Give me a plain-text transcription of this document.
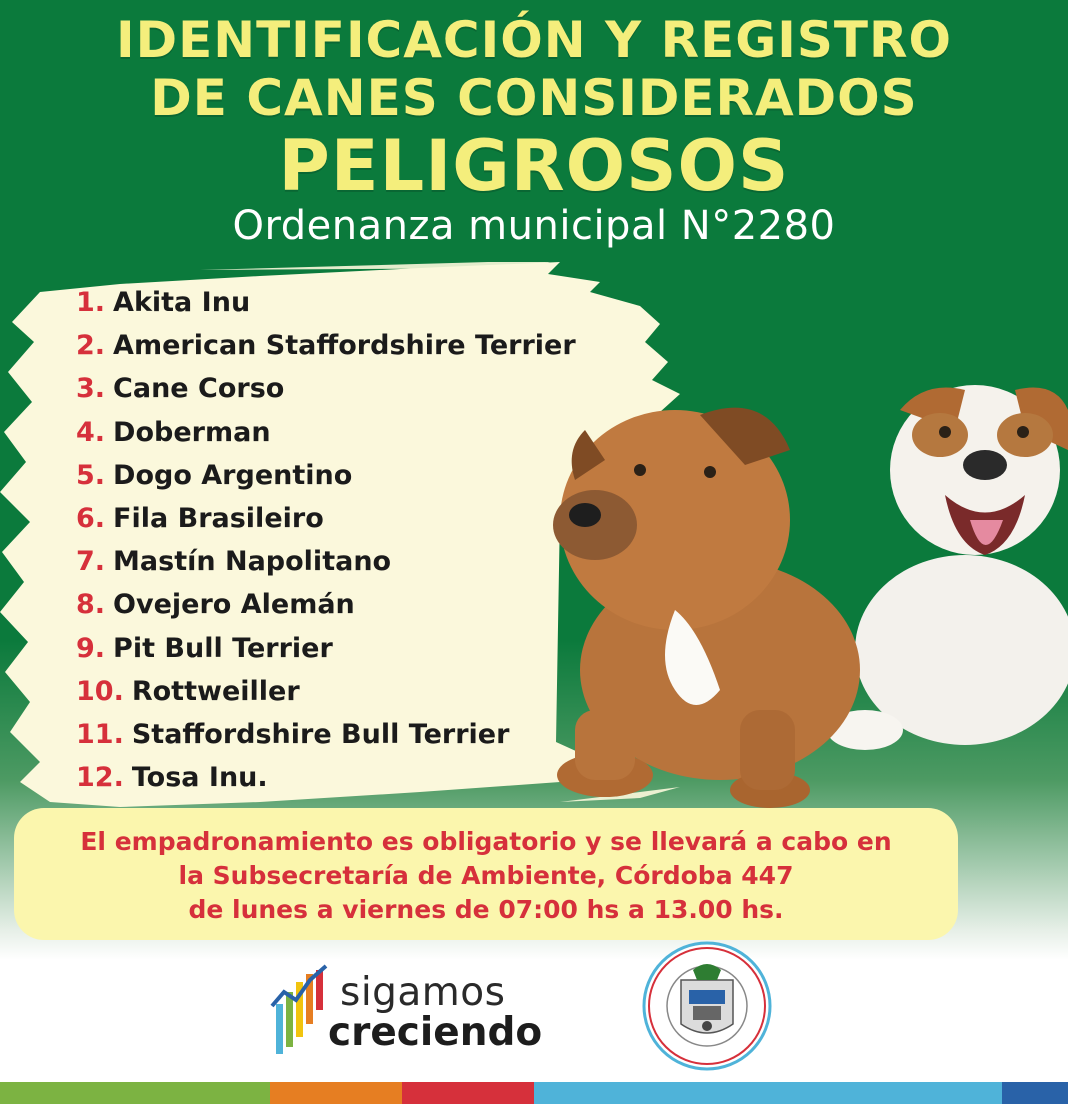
IDENTIFICACIÓN Y REGISTRO
DE CANES CONSIDERADOS
PELIGROSOS
Ordenanza municipal N°2280
1. Akita Inu
2. American Staffordshire Terrier
3. Cane Corso
4. Doberman
5. Dogo Argentino
6. Fila Brasileiro
7. Mastín Napolitano
8. Ovejero Alemán
9. Pit Bull Terrier
10. Rottweiller
11. Staffordshire Bull Terrier
12. Tosa Inu.
El empadronamiento es obligatorio y se llevará a cabo en
la Subsecretaría de Ambiente, Córdoba 447
de lunes a viernes de 07:00 hs a 13.00 hs.
sigamos
creciendo
